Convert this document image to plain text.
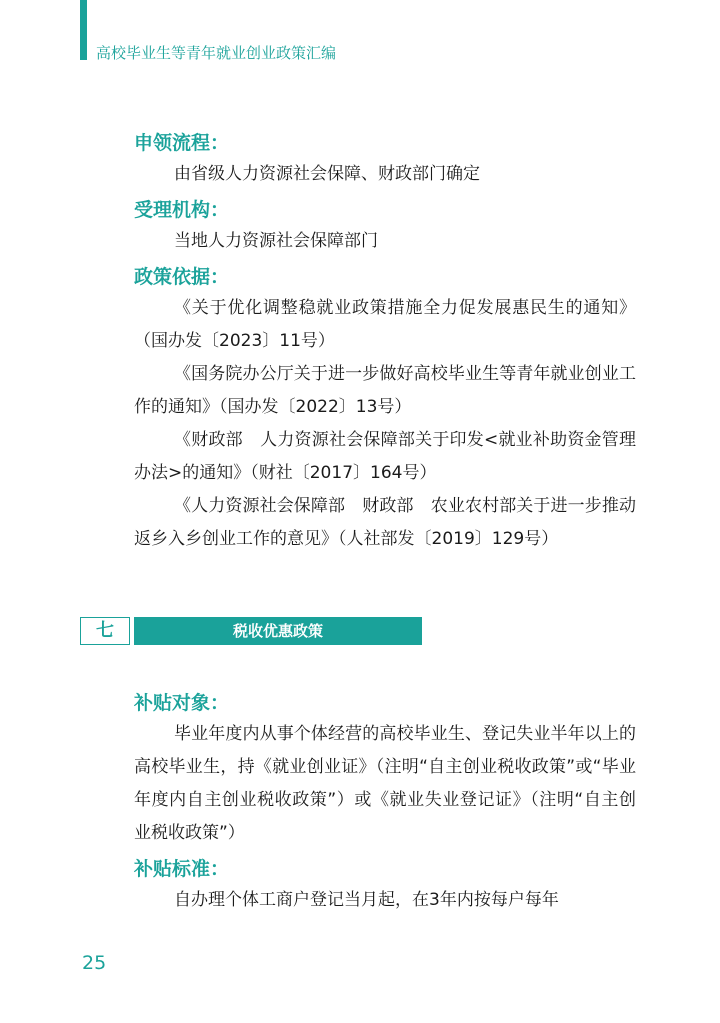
高校毕业生等青年就业创业政策汇编
申领流程：
由省级人力资源社会保障、财政部门确定
受理机构：
当地人力资源社会保障部门
政策依据：
《关于优化调整稳就业政策措施全力促发展惠民生的通知》（国办发〔2023〕11号）
《国务院办公厅关于进一步做好高校毕业生等青年就业创业工作的通知》（国办发〔2022〕13号）
《财政部　人力资源社会保障部关于印发<就业补助资金管理办法>的通知》（财社〔2017〕164号）
《人力资源社会保障部　财政部　农业农村部关于进一步推动返乡入乡创业工作的意见》（人社部发〔2019〕129号）
七	税收优惠政策
补贴对象：
毕业年度内从事个体经营的高校毕业生、登记失业半年以上的高校毕业生，持《就业创业证》（注明“自主创业税收政策”或“毕业年度内自主创业税收政策”）或《就业失业登记证》（注明“自主创业税收政策”）
补贴标准：
自办理个体工商户登记当月起，在3年内按每户每年
25
